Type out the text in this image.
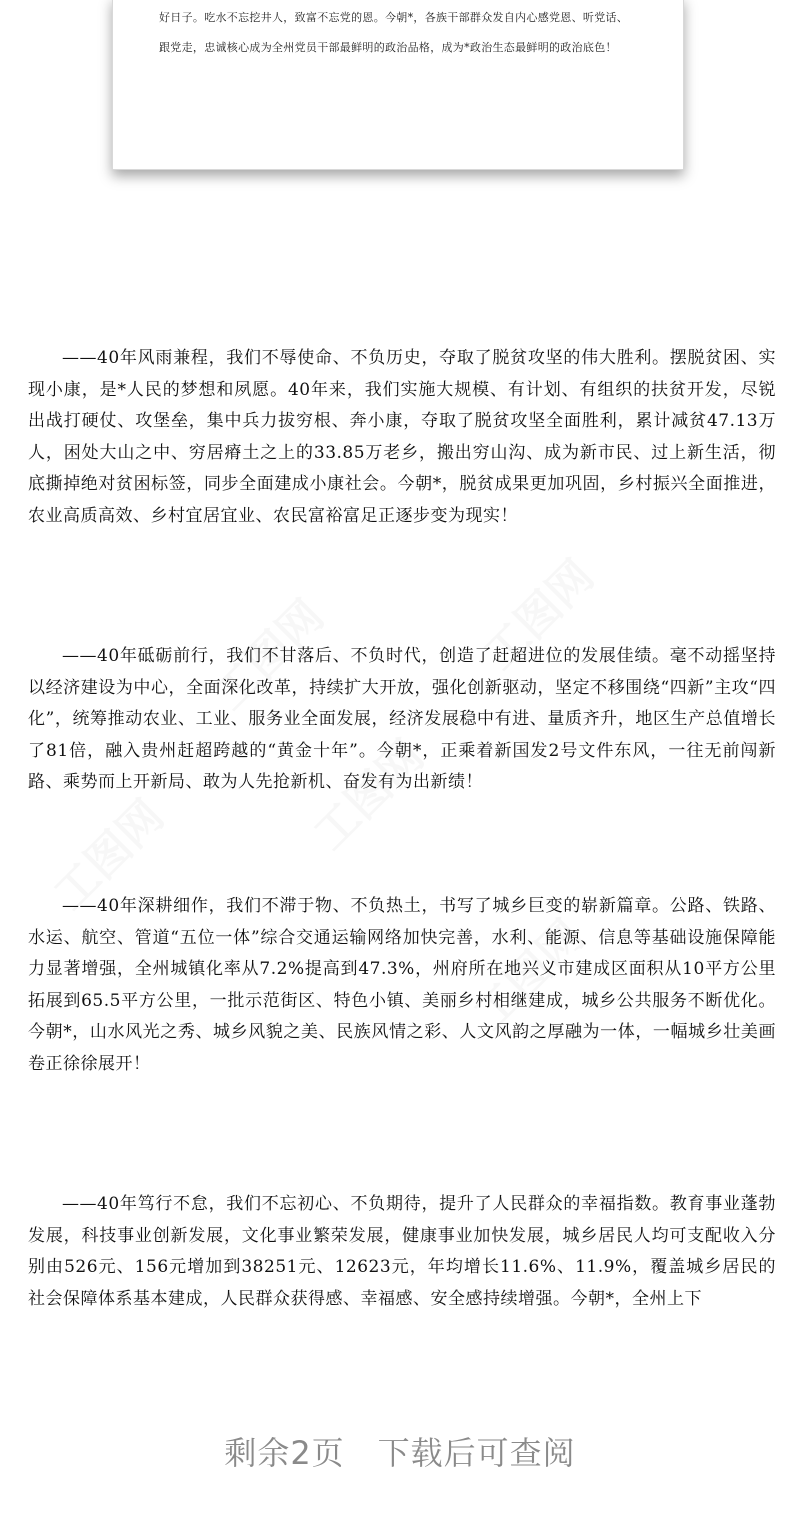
好日子。吃水不忘挖井人，致富不忘党的恩。今朝*，各族干部群众发自内心感党恩、听党话、
跟党走，忠诚核心成为全州党员干部最鲜明的政治品格，成为*政治生态最鲜明的政治底色！
工图网
工图网	工图网
工图网
工图网

——40年风雨兼程，我们不辱使命、不负历史，夺取了脱贫攻坚的伟大胜利。摆脱贫困、实现小康，是*人民的梦想和夙愿。40年来，我们实施大规模、有计划、有组织的扶贫开发，尽锐出战打硬仗、攻堡垒，集中兵力拔穷根、奔小康，夺取了脱贫攻坚全面胜利，累计减贫47.13万人，困处大山之中、穷居瘠土之上的33.85万老乡，搬出穷山沟、成为新市民、过上新生活，彻底撕掉绝对贫困标签，同步全面建成小康社会。今朝*，脱贫成果更加巩固，乡村振兴全面推进，农业高质高效、乡村宜居宜业、农民富裕富足正逐步变为现实！

——40年砥砺前行，我们不甘落后、不负时代，创造了赶超进位的发展佳绩。毫不动摇坚持以经济建设为中心，全面深化改革，持续扩大开放，强化创新驱动，坚定不移围绕“四新”主攻“四化”，统筹推动农业、工业、服务业全面发展，经济发展稳中有进、量质齐升，地区生产总值增长了81倍，融入贵州赶超跨越的“黄金十年”。今朝*，正乘着新国发2号文件东风，一往无前闯新路、乘势而上开新局、敢为人先抢新机、奋发有为出新绩！

——40年深耕细作，我们不滞于物、不负热土，书写了城乡巨变的崭新篇章。公路、铁路、水运、航空、管道“五位一体”综合交通运输网络加快完善，水利、能源、信息等基础设施保障能力显著增强，全州城镇化率从7.2%提高到47.3%，州府所在地兴义市建成区面积从10平方公里拓展到65.5平方公里，一批示范街区、特色小镇、美丽乡村相继建成，城乡公共服务不断优化。今朝*，山水风光之秀、城乡风貌之美、民族风情之彩、人文风韵之厚融为一体，一幅城乡壮美画卷正徐徐展开！

——40年笃行不怠，我们不忘初心、不负期待，提升了人民群众的幸福指数。教育事业蓬勃发展，科技事业创新发展，文化事业繁荣发展，健康事业加快发展，城乡居民人均可支配收入分别由526元、156元增加到38251元、12623元，年均增长11.6%、11.9%，覆盖城乡居民的社会保障体系基本建成，人民群众获得感、幸福感、安全感持续增强。今朝*，全州上下

剩余2页　下载后可查阅
